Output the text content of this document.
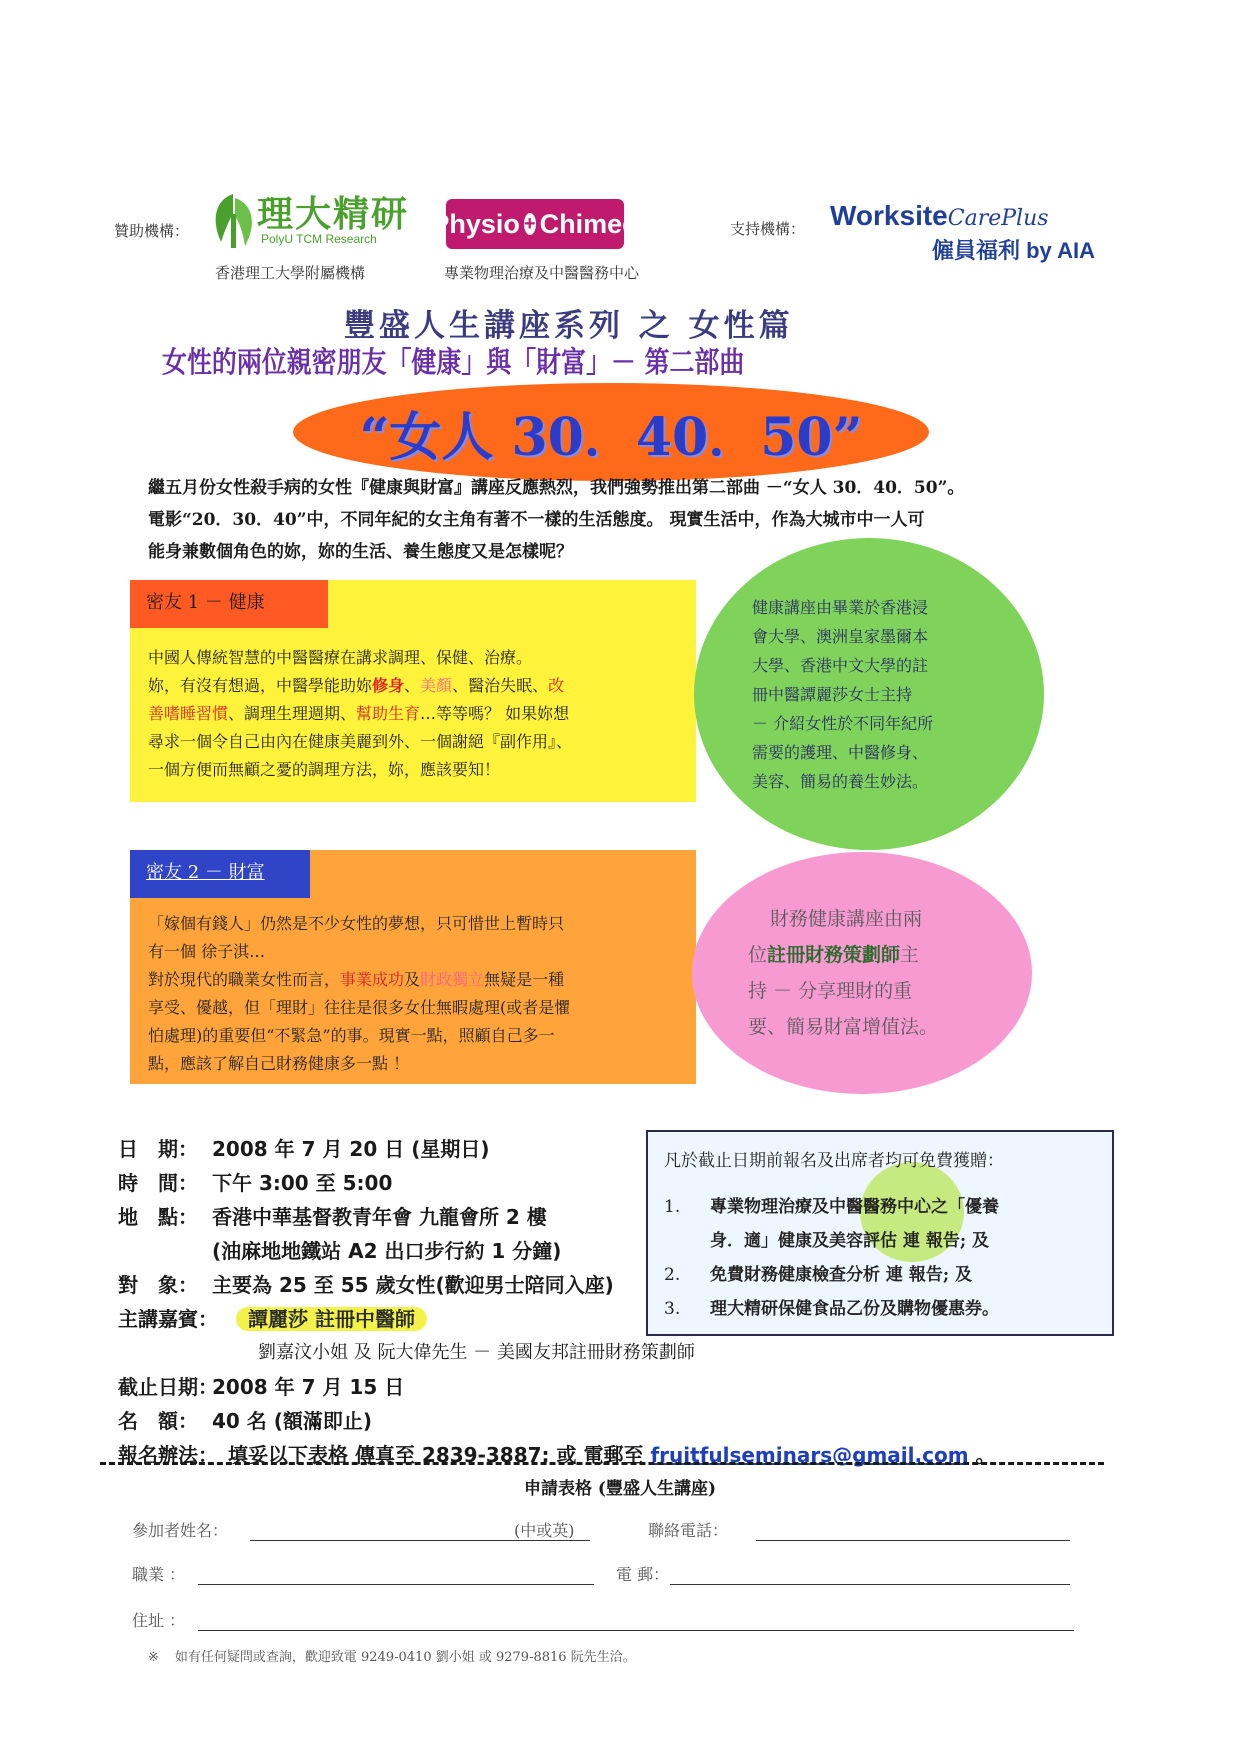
贊助機構： 理大精研
PolyU TCM Research
香港理工大學附屬機構
Physio + Chimed
專業物理治療及中醫醫務中心
支持機構： WorksiteCarePlus
僱員福利 by AIA
豐盛人生講座系列 之 女性篇
女性的兩位親密朋友「健康」與「財富」－ 第二部曲
“女人 30．40．50”
繼五月份女性殺手病的女性『健康與財富』講座反應熱烈，我們強勢推出第二部曲 －“女人 30．40．50”。
電影“20．30．40”中，不同年紀的女主角有著不一樣的生活態度。 現實生活中，作為大城市中一人可
能身兼數個角色的妳，妳的生活、養生態度又是怎樣呢？
密友 1 － 健康

中國人傳統智慧的中醫醫療在講求調理、保健、治療。

妳，有沒有想過，中醫學能助妳修身、美顏、醫治失眠、改

善嗜睡習慣、調理生理週期、幫助生育…等等嗎？ 如果妳想

尋求一個令自己由內在健康美麗到外、一個謝絕『副作用』、

一個方便而無顧之憂的調理方法，妳，應該要知！

健康講座由畢業於香港浸
會大學、澳洲皇家墨爾本
大學、香港中文大學的註
冊中醫譚麗莎女士主持
－ 介紹女性於不同年紀所
需要的護理、中醫修身、
美容、簡易的養生妙法。
密友 2 － 財富

「嫁個有錢人」仍然是不少女性的夢想，只可惜世上暫時只

有一個 徐子淇…

對於現代的職業女性而言，事業成功及財政獨立無疑是一種

享受、優越，但「理財」往往是很多女仕無暇處理(或者是懼

怕處理)的重要但“不緊急”的事。現實一點，照顧自己多一

點，應該了解自己財務健康多一點 ！

財務健康講座由兩
位註冊財務策劃師主
持 － 分享理財的重
要、簡易財富增值法。
日　期： 2008 年 7 月 20 日 (星期日)
時　間： 下午 3:00 至 5:00
地　點： 香港中華基督教青年會 九龍會所 2 樓
(油麻地地鐵站 A2 出口步行約 1 分鐘)
對　象： 主要為 25 至 55 歲女性(歡迎男士陪同入座)
主講嘉賓： 譚麗莎 註冊中醫師
劉嘉汶小姐 及 阮大偉先生 － 美國友邦註冊財務策劃師
截止日期：2008 年 7 月 15 日
名　額： 40 名 (額滿即止)
報名辦法： 填妥以下表格 傳真至 2839-3887; 或 電郵至 fruitfulseminars@gmail.com 。
凡於截止日期前報名及出席者均可免費獲贈：
1. 專業物理治療及中醫醫務中心之「優養
身．適」健康及美容評估 連 報告; 及
2. 免費財務健康檢查分析 連 報告; 及
3. 理大精研保健食品乙份及購物優惠券。
申請表格 (豐盛人生講座)
參加者姓名：	(中或英)	聯絡電話：
職業 ：	電 郵：
住址 ：
※ 如有任何疑問或查詢，歡迎致電 9249-0410 劉小姐 或 9279-8816 阮先生洽。
